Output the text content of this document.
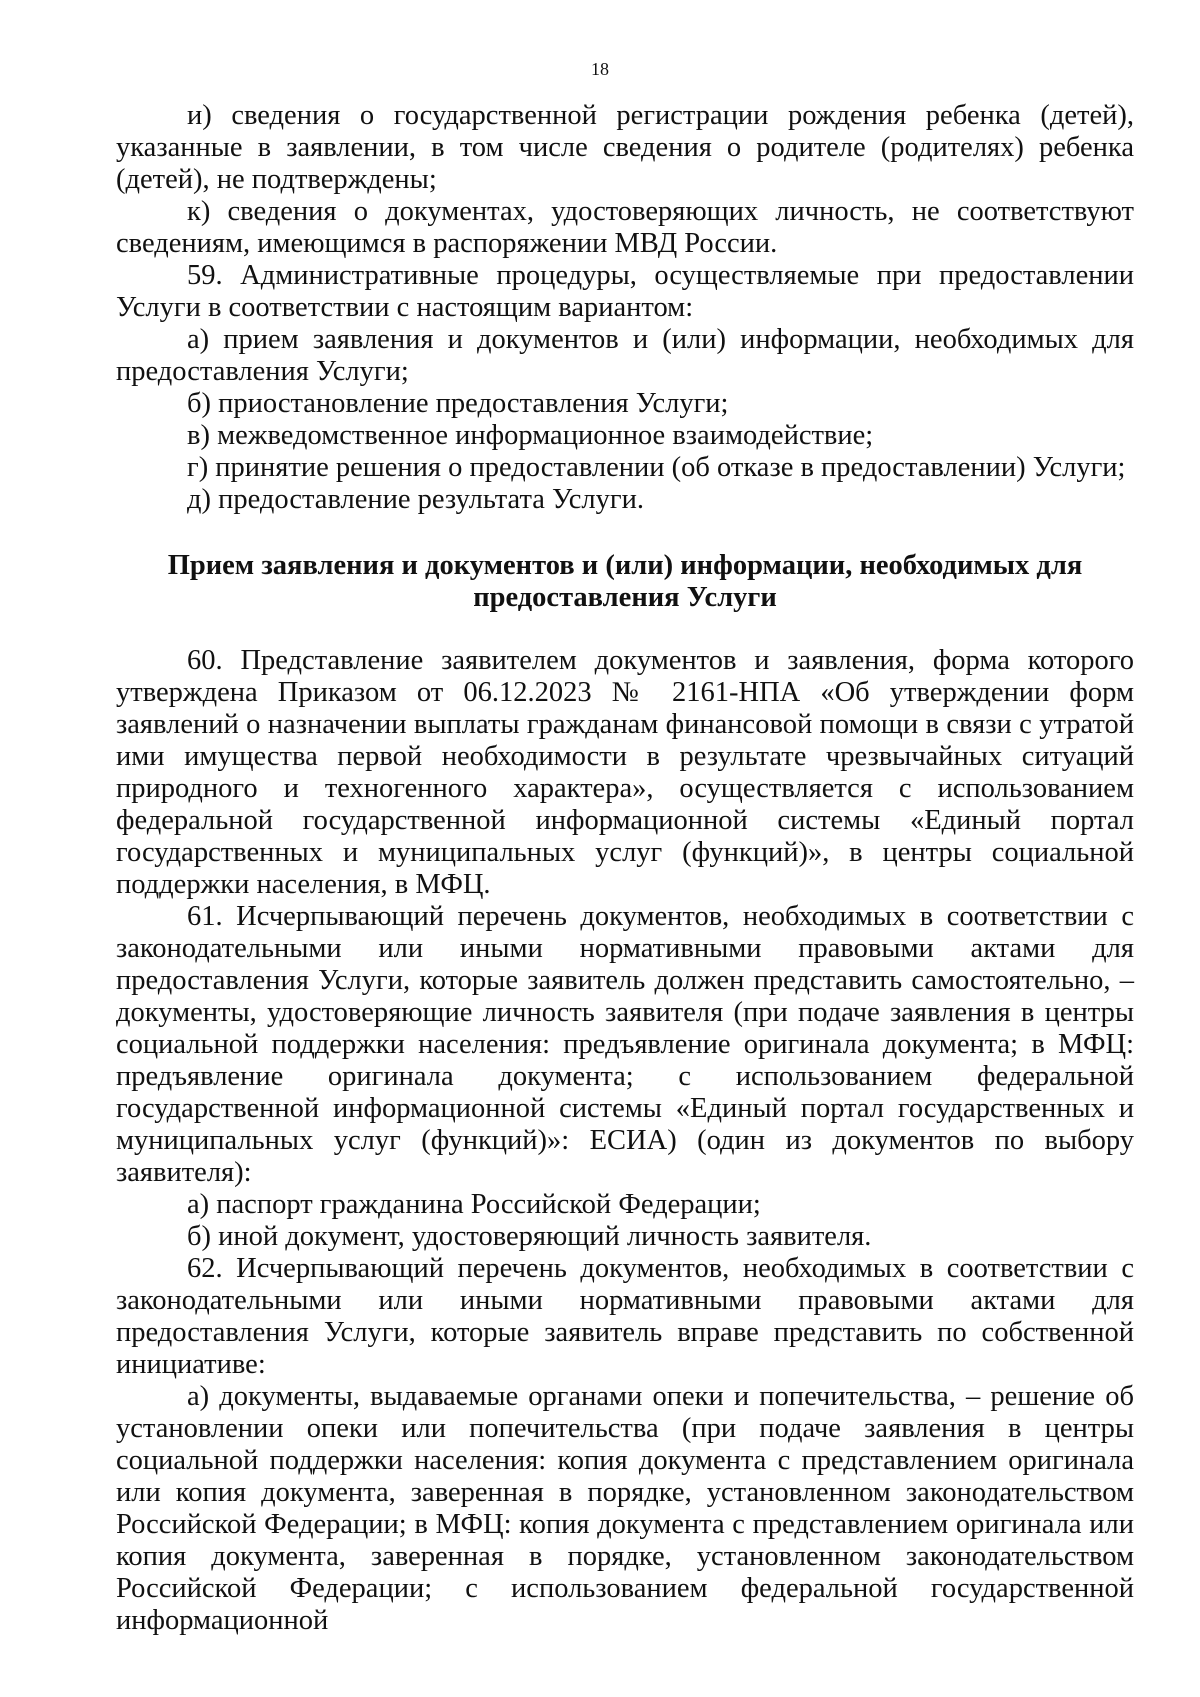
18

и) сведения о государственной регистрации рождения ребенка (детей), указанные в заявлении, в том числе сведения о родителе (родителях) ребенка (детей), не подтверждены;

к) сведения о документах, удостоверяющих личность, не соответствуют сведениям, имеющимся в распоряжении МВД России.

59. Административные процедуры, осуществляемые при предоставлении Услуги в соответствии с настоящим вариантом:

а) прием заявления и документов и (или) информации, необходимых для предоставления Услуги;

б) приостановление предоставления Услуги;

в) межведомственное информационное взаимодействие;

г) принятие решения о предоставлении (об отказе в предоставлении) Услуги;

д) предоставление результата Услуги.

Прием заявления и документов и (или) информации, необходимых для предоставления Услуги

60. Представление заявителем документов и заявления, форма которого утверждена Приказом от 06.12.2023 № 2161-НПА «Об утверждении форм заявлений о назначении выплаты гражданам финансовой помощи в связи с утратой ими имущества первой необходимости в результате чрезвычайных ситуаций природного и техногенного характера», осуществляется с использованием федеральной государственной информационной системы «Единый портал государственных и муниципальных услуг (функций)», в центры социальной поддержки населения, в МФЦ.

61. Исчерпывающий перечень документов, необходимых в соответствии с законодательными или иными нормативными правовыми актами для предоставления Услуги, которые заявитель должен представить самостоятельно, – документы, удостоверяющие личность заявителя (при подаче заявления в центры социальной поддержки населения: предъявление оригинала документа; в МФЦ: предъявление оригинала документа; с использованием федеральной государственной информационной системы «Единый портал государственных и муниципальных услуг (функций)»: ЕСИА) (один из документов по выбору заявителя):

а) паспорт гражданина Российской Федерации;

б) иной документ, удостоверяющий личность заявителя.

62. Исчерпывающий перечень документов, необходимых в соответствии с законодательными или иными нормативными правовыми актами для предоставления Услуги, которые заявитель вправе представить по собственной инициативе:

а) документы, выдаваемые органами опеки и попечительства, – решение об установлении опеки или попечительства (при подаче заявления в центры социальной поддержки населения: копия документа с представлением оригинала или копия документа, заверенная в порядке, установленном законодательством Российской Федерации; в МФЦ: копия документа с представлением оригинала или копия документа, заверенная в порядке, установленном законодательством Российской Федерации; с использованием федеральной государственной информационной
